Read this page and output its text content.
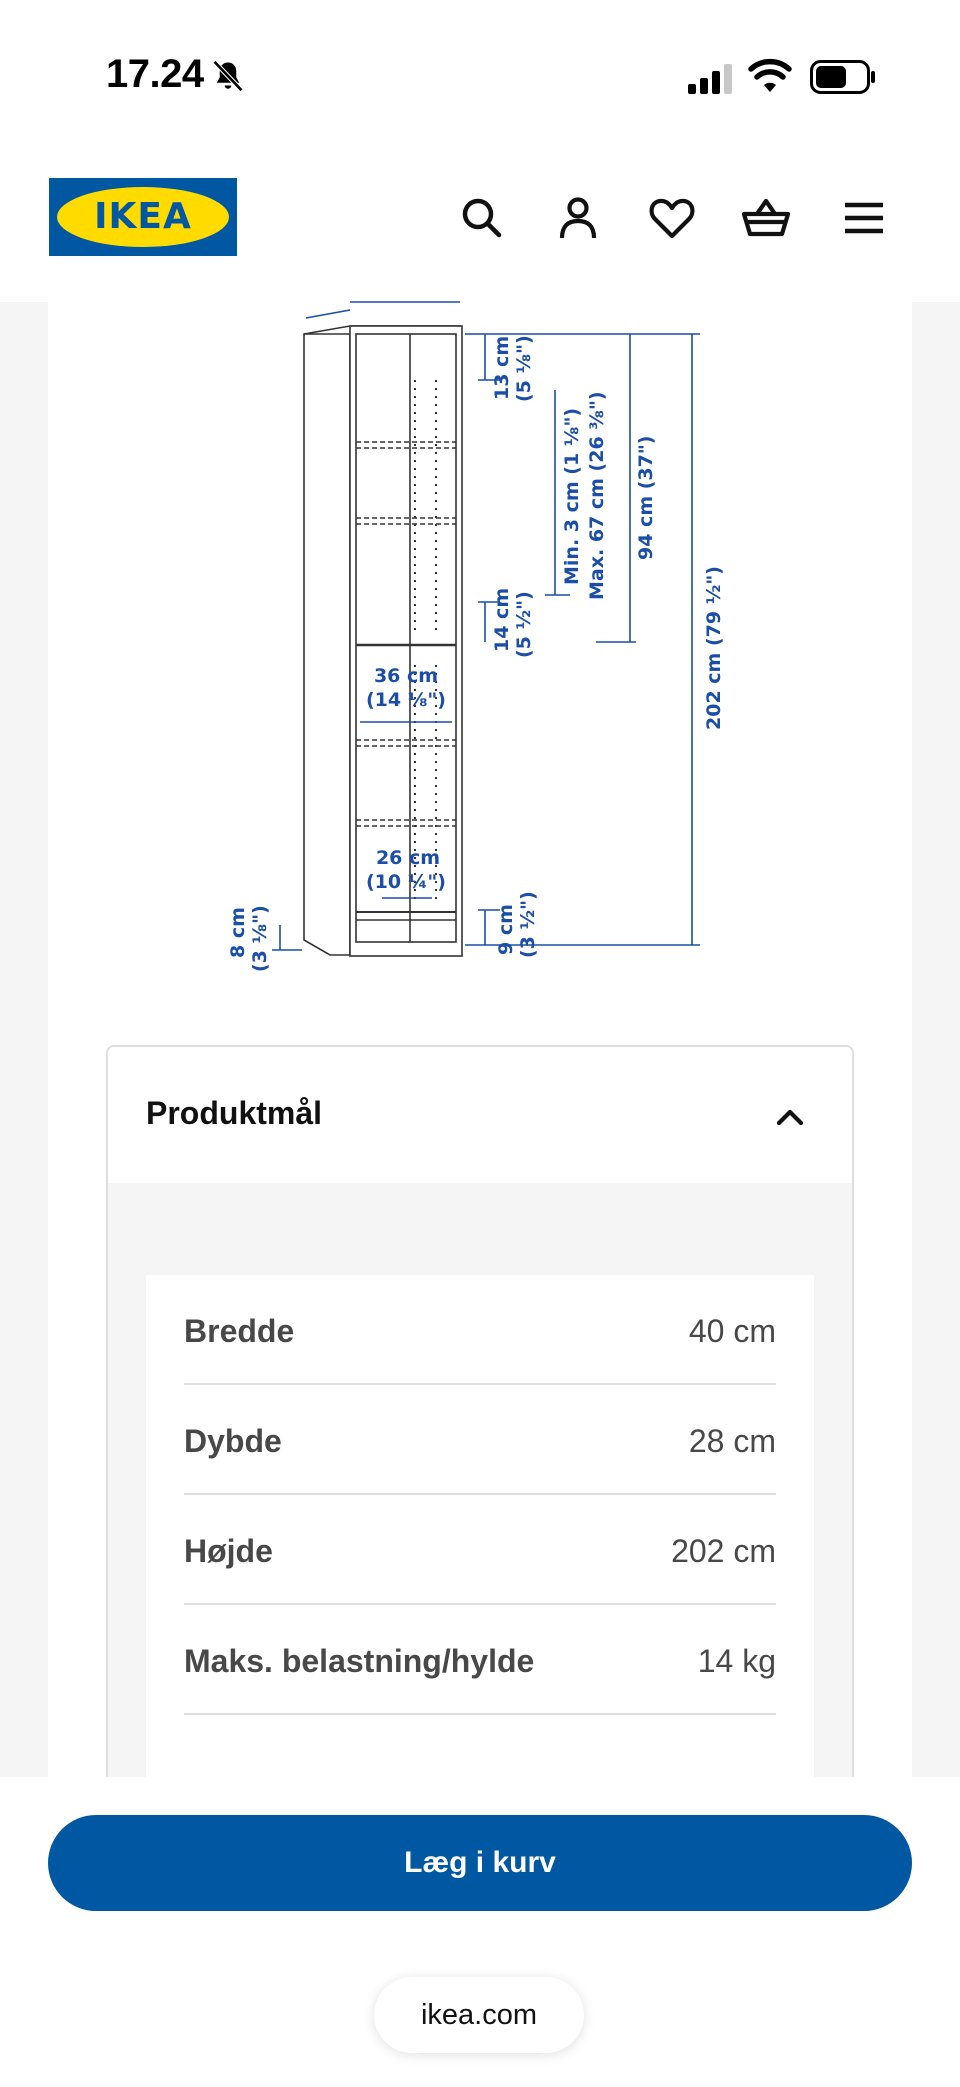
17.24
IKEA
13 cm (5 ⅛")
Min. 3 cm (1 ⅛") Max. 67 cm (26 ⅜") 94 cm (37")
202 cm (79 ½")
14 cm (5 ½")
36 cm
(14 ⅛")
26 cm
(10 ¼")
9 cm (3 ½")
8 cm (3 ⅛")
Produktmål
Bredde	40 cm
Dybde	28 cm
Højde	202 cm
Maks. belastning/hylde	14 kg
Læg i kurv
ikea.com
